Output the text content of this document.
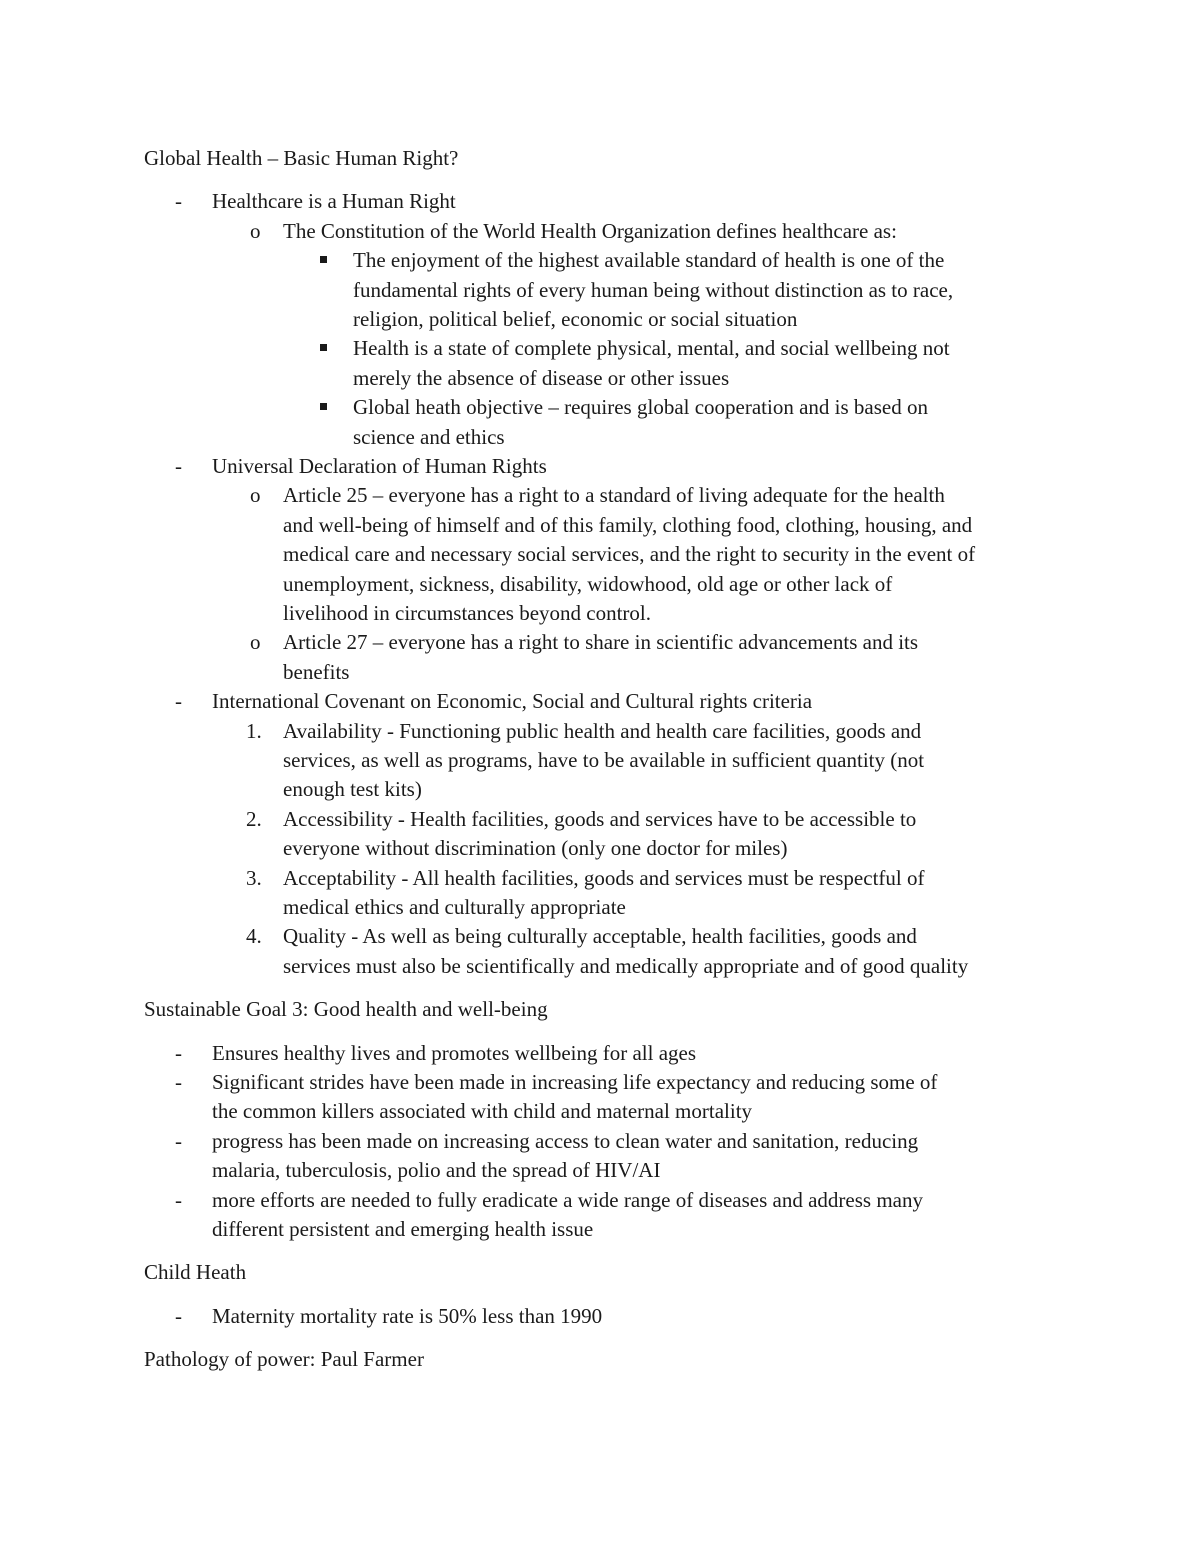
Global Health – Basic Human Right?
- Healthcare is a Human Right
o The Constitution of the World Health Organization defines healthcare as:
The enjoyment of the highest available standard of health is one of the
fundamental rights of every human being without distinction as to race,
religion, political belief, economic or social situation
Health is a state of complete physical, mental, and social wellbeing not
merely the absence of disease or other issues
Global heath objective – requires global cooperation and is based on
science and ethics
- Universal Declaration of Human Rights
o Article 25 – everyone has a right to a standard of living adequate for the health
and well-being of himself and of this family, clothing food, clothing, housing, and
medical care and necessary social services, and the right to security in the event of
unemployment, sickness, disability, widowhood, old age or other lack of
livelihood in circumstances beyond control.
o Article 27 – everyone has a right to share in scientific advancements and its
benefits
- International Covenant on Economic, Social and Cultural rights criteria
1. Availability - Functioning public health and health care facilities, goods and
services, as well as programs, have to be available in sufficient quantity (not
enough test kits)
2. Accessibility - Health facilities, goods and services have to be accessible to
everyone without discrimination (only one doctor for miles)
3. Acceptability - All health facilities, goods and services must be respectful of
medical ethics and culturally appropriate
4. Quality - As well as being culturally acceptable, health facilities, goods and
services must also be scientifically and medically appropriate and of good quality
Sustainable Goal 3: Good health and well-being
- Ensures healthy lives and promotes wellbeing for all ages
- Significant strides have been made in increasing life expectancy and reducing some of
the common killers associated with child and maternal mortality
- progress has been made on increasing access to clean water and sanitation, reducing
malaria, tuberculosis, polio and the spread of HIV/AI
- more efforts are needed to fully eradicate a wide range of diseases and address many
different persistent and emerging health issue
Child Heath
- Maternity mortality rate is 50% less than 1990
Pathology of power: Paul Farmer
